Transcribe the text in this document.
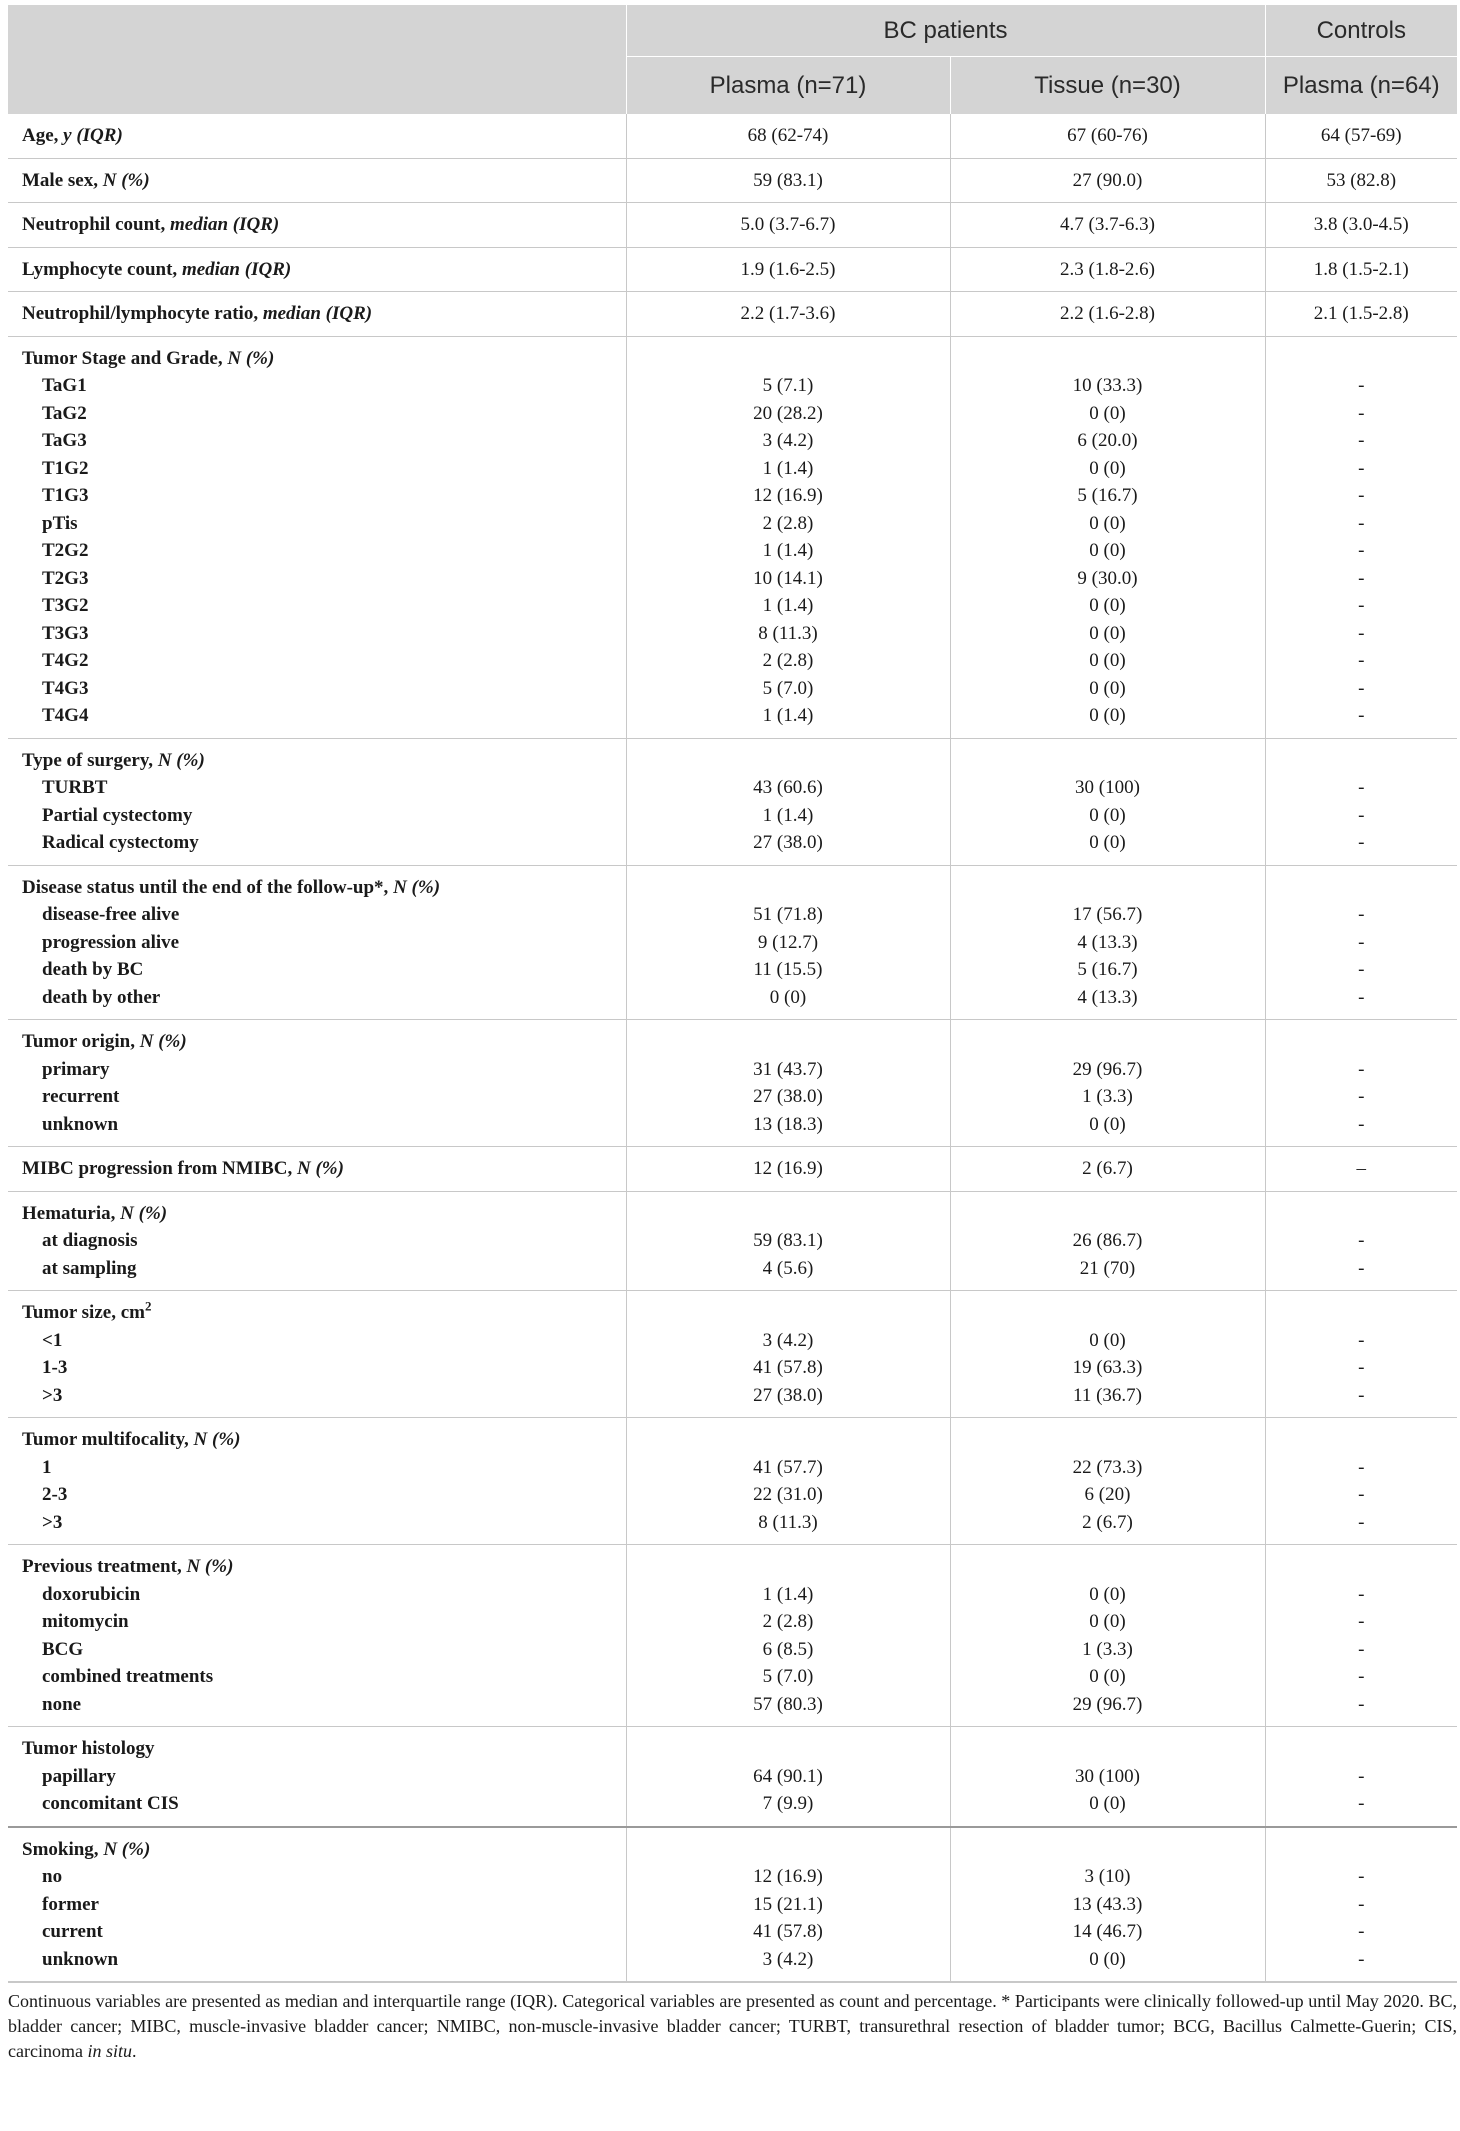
	BC patients		Controls
	Plasma (n=71)	Tissue (n=30)	Plasma (n=64)
Age, y (IQR)	68 (62-74)	67 (60-76)	64 (57-69)
Male sex, N (%)	59 (83.1)	27 (90.0)	53 (82.8)
Neutrophil count, median (IQR)	5.0 (3.7-6.7)	4.7 (3.7-6.3)	3.8 (3.0-4.5)
Lymphocyte count, median (IQR)	1.9 (1.6-2.5)	2.3 (1.8-2.6)	1.8 (1.5-2.1)
Neutrophil/lymphocyte ratio, median (IQR)	2.2 (1.7-3.6)	2.2 (1.6-2.8)	2.1 (1.5-2.8)
Tumor Stage and Grade, N (%)			
TaG1	5 (7.1)	10 (33.3)	-
TaG2	20 (28.2)	0 (0)	-
TaG3	3 (4.2)	6 (20.0)	-
T1G2	1 (1.4)	0 (0)	-
T1G3	12 (16.9)	5 (16.7)	-
pTis	2 (2.8)	0 (0)	-
T2G2	1 (1.4)	0 (0)	-
T2G3	10 (14.1)	9 (30.0)	-
T3G2	1 (1.4)	0 (0)	-
T3G3	8 (11.3)	0 (0)	-
T4G2	2 (2.8)	0 (0)	-
T4G3	5 (7.0)	0 (0)	-
T4G4	1 (1.4)	0 (0)	-
Type of surgery, N (%)			
TURBT	43 (60.6)	30 (100)	-
Partial cystectomy	1 (1.4)	0 (0)	-
Radical cystectomy	27 (38.0)	0 (0)	-
Disease status until the end of the follow-up*, N (%)			
disease-free alive	51 (71.8)	17 (56.7)	-
progression alive	9 (12.7)	4 (13.3)	-
death by BC	11 (15.5)	5 (16.7)	-
death by other	0 (0)	4 (13.3)	-
Tumor origin, N (%)			
primary	31 (43.7)	29 (96.7)	-
recurrent	27 (38.0)	1 (3.3)	-
unknown	13 (18.3)	0 (0)	-
MIBC progression from NMIBC, N (%)	12 (16.9)	2 (6.7)	–
Hematuria, N (%)			
at diagnosis	59 (83.1)	26 (86.7)	-
at sampling	4 (5.6)	21 (70)	-
Tumor size, $cm^2$			
<1	3 (4.2)	0 (0)	-
1-3	41 (57.8)	19 (63.3)	-
>3	27 (38.0)	11 (36.7)	-
Tumor multifocality, N (%)			
1	41 (57.7)	22 (73.3)	-
2-3	22 (31.0)	6 (20)	-
>3	8 (11.3)	2 (6.7)	-
Previous treatment, N (%)			
doxorubicin	1 (1.4)	0 (0)	-
mitomycin	2 (2.8)	0 (0)	-
BCG	6 (8.5)	1 (3.3)	-
combined treatments	5 (7.0)	0 (0)	-
none	57 (80.3)	29 (96.7)	-
Tumor histology			
papillary	64 (90.1)	30 (100)	-
concomitant CIS	7 (9.9)	0 (0)	-
Smoking, N (%)			
no	12 (16.9)	3 (10)	-
former	15 (21.1)	13 (43.3)	-
current	41 (57.8)	14 (46.7)	-
unknown	3 (4.2)	0 (0)	-
Continuous variables are presented as median and interquartile range (IQR). Categorical variables are presented as count and percentage. * Participants were clinically followed-up until May 2020. BC, bladder cancer; MIBC, muscle-invasive bladder cancer; NMIBC, non-muscle-invasive bladder cancer; TURBT, transurethral resection of bladder tumor; BCG, Bacillus Calmette-Guerin; CIS, carcinoma in situ.
